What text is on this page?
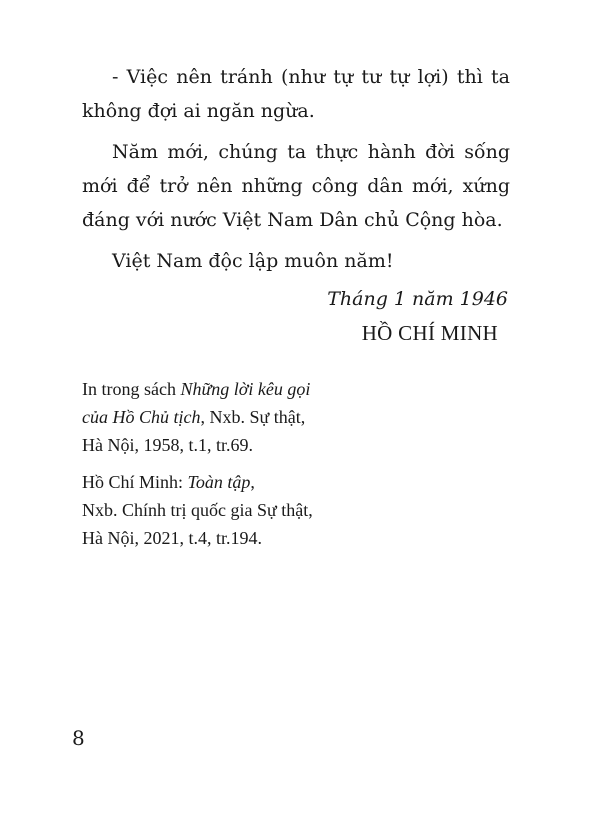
- Việc nên tránh (như tự tư tự lợi) thì ta không đợi ai ngăn ngừa.

Năm mới, chúng ta thực hành đời sống mới để trở nên những công dân mới, xứng đáng với nước Việt Nam Dân chủ Cộng hòa.

Việt Nam độc lập muôn năm!

Tháng 1 năm 1946
HỒ CHÍ MINH

In trong sách Những lời kêu gọi
của Hồ Chủ tịch, Nxb. Sự thật,
Hà Nội, 1958, t.1, tr.69.

Hồ Chí Minh: Toàn tập,
Nxb. Chính trị quốc gia Sự thật,
Hà Nội, 2021, t.4, tr.194.

8
